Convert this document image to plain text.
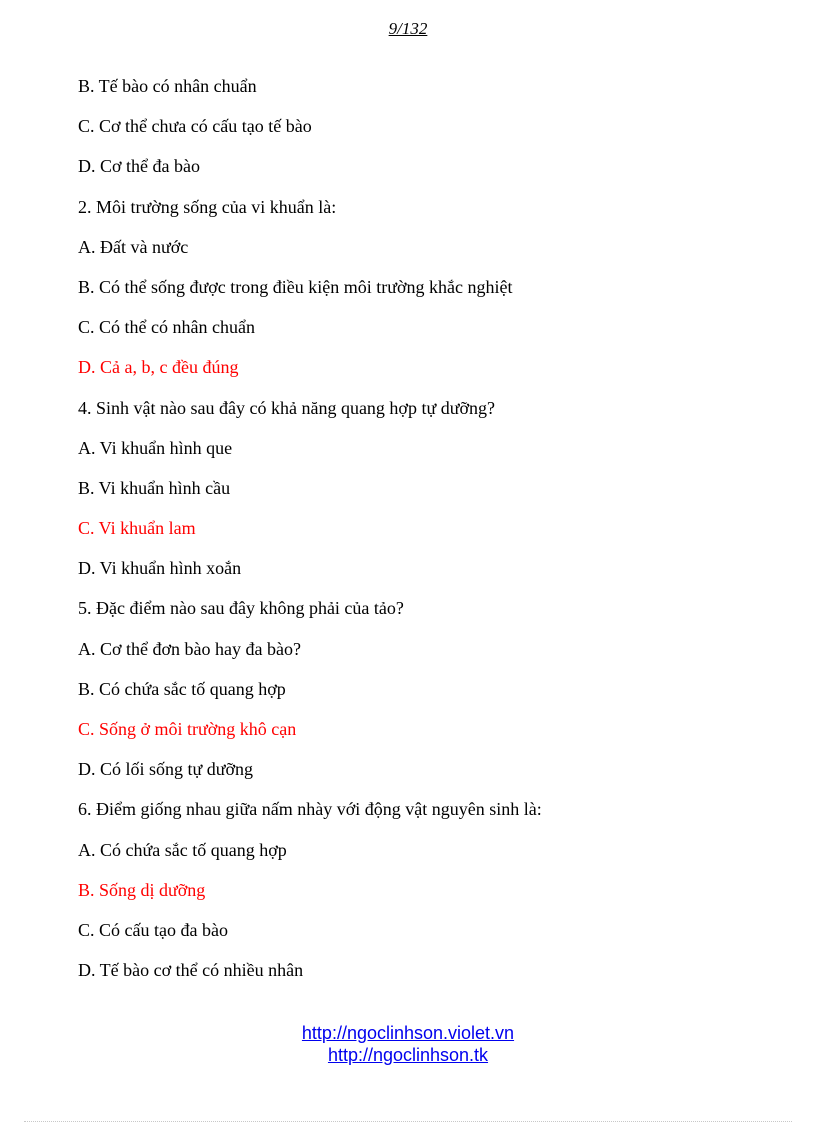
9/132
B. Tế bào có nhân chuẩn
C. Cơ thể chưa có cấu tạo tế bào
D. Cơ thể đa bào
2. Môi trường sống của vi khuẩn là:
A. Đất và nước
B. Có thể sống được trong điều kiện môi trường khắc nghiệt
C. Có thể có nhân chuẩn
D. Cả a, b, c đều đúng
4. Sinh vật nào sau đây có khả năng quang hợp tự dưỡng?
A. Vi khuẩn hình que
B. Vi khuẩn hình cầu
C. Vi khuẩn lam
D. Vi khuẩn hình xoắn
5. Đặc điểm nào sau đây không phải của tảo?
A. Cơ thể đơn bào hay đa bào?
B. Có chứa sắc tố quang hợp
C. Sống ở môi trường khô cạn
D. Có lối sống tự dưỡng
6. Điểm giống nhau giữa nấm nhày với động vật nguyên sinh là:
A. Có chứa sắc tố quang hợp
B. Sống dị dưỡng
C. Có cấu tạo đa bào
D. Tế bào cơ thể có nhiều nhân
http://ngoclinhson.violet.vn
http://ngoclinhson.tk
